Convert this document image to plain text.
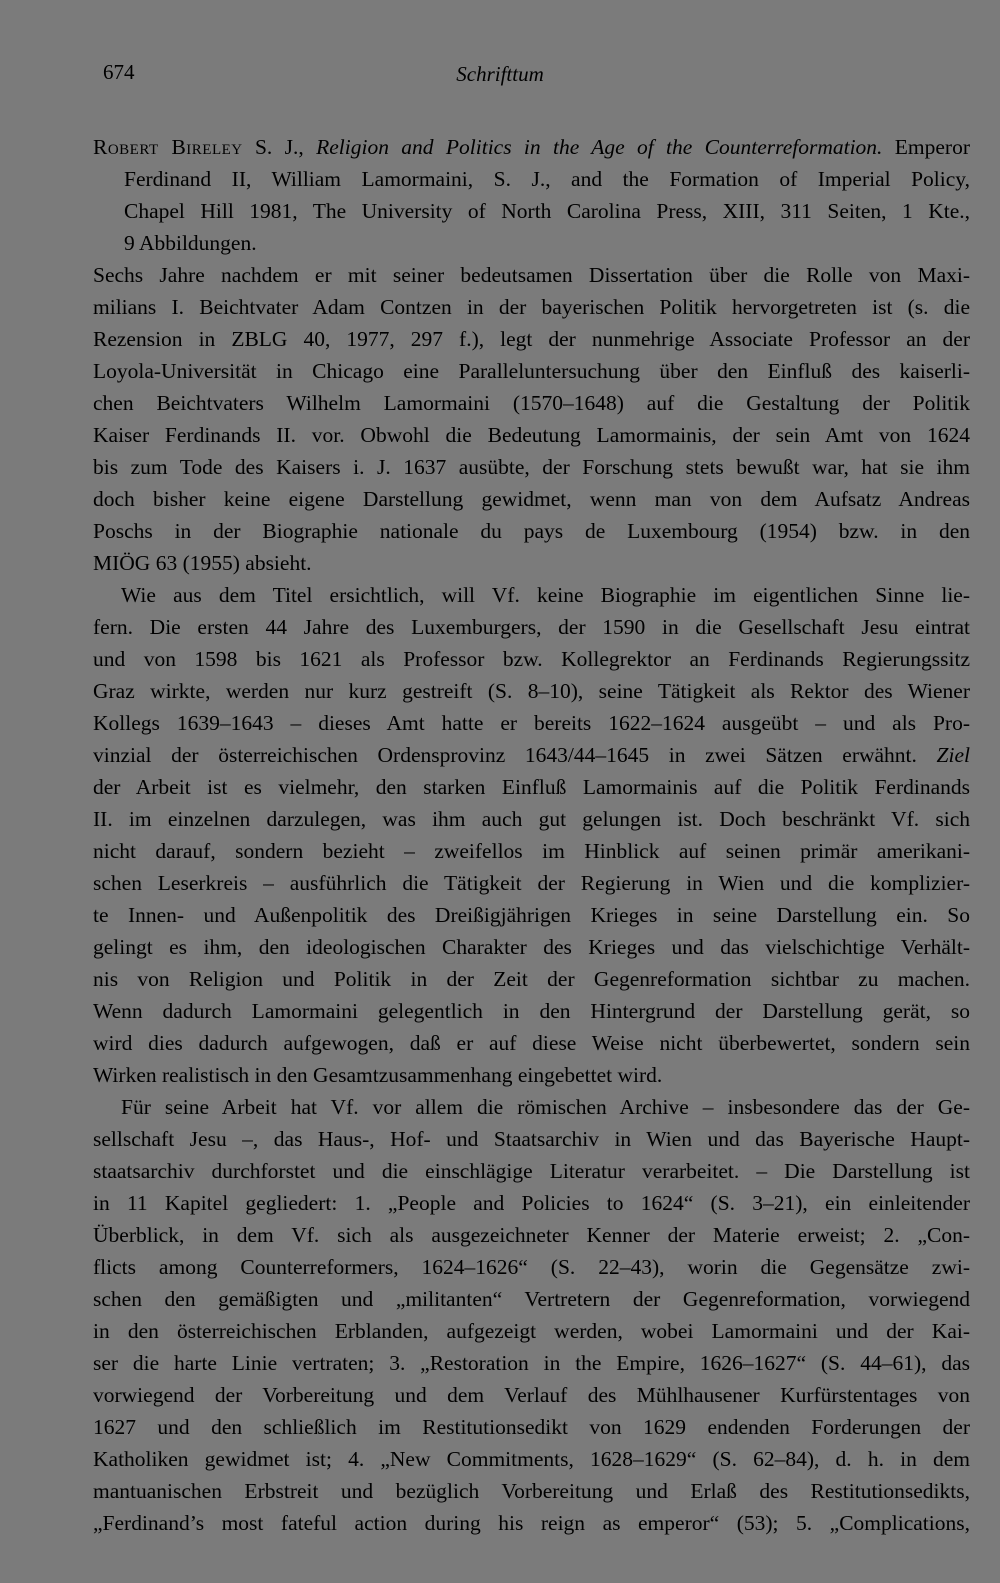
674	Schrifttum
Robert Bireley S. J., Religion and Politics in the Age of the Counterreformation. Emperor
Ferdinand II, William Lamormaini, S. J., and the Formation of Imperial Policy,
Chapel Hill 1981, The University of North Carolina Press, XIII, 311 Seiten, 1 Kte.,
9 Abbildungen.
Sechs Jahre nachdem er mit seiner bedeutsamen Dissertation über die Rolle von Maxi-
milians I. Beichtvater Adam Contzen in der bayerischen Politik hervorgetreten ist (s. die
Rezension in ZBLG 40, 1977, 297 f.), legt der nunmehrige Associate Professor an der
Loyola-Universität in Chicago eine Paralleluntersuchung über den Einfluß des kaiserli-
chen Beichtvaters Wilhelm Lamormaini (1570–1648) auf die Gestaltung der Politik
Kaiser Ferdinands II. vor. Obwohl die Bedeutung Lamormainis, der sein Amt von 1624
bis zum Tode des Kaisers i. J. 1637 ausübte, der Forschung stets bewußt war, hat sie ihm
doch bisher keine eigene Darstellung gewidmet, wenn man von dem Aufsatz Andreas
Poschs in der Biographie nationale du pays de Luxembourg (1954) bzw. in den
MIÖG 63 (1955) absieht.
Wie aus dem Titel ersichtlich, will Vf. keine Biographie im eigentlichen Sinne lie-
fern. Die ersten 44 Jahre des Luxemburgers, der 1590 in die Gesellschaft Jesu eintrat
und von 1598 bis 1621 als Professor bzw. Kollegrektor an Ferdinands Regierungssitz
Graz wirkte, werden nur kurz gestreift (S. 8–10), seine Tätigkeit als Rektor des Wiener
Kollegs 1639–1643 – dieses Amt hatte er bereits 1622–1624 ausgeübt – und als Pro-
vinzial der österreichischen Ordensprovinz 1643/44–1645 in zwei Sätzen erwähnt. Ziel
der Arbeit ist es vielmehr, den starken Einfluß Lamormainis auf die Politik Ferdinands
II. im einzelnen darzulegen, was ihm auch gut gelungen ist. Doch beschränkt Vf. sich
nicht darauf, sondern bezieht – zweifellos im Hinblick auf seinen primär amerikani-
schen Leserkreis – ausführlich die Tätigkeit der Regierung in Wien und die komplizier-
te Innen- und Außenpolitik des Dreißigjährigen Krieges in seine Darstellung ein. So
gelingt es ihm, den ideologischen Charakter des Krieges und das vielschichtige Verhält-
nis von Religion und Politik in der Zeit der Gegenreformation sichtbar zu machen.
Wenn dadurch Lamormaini gelegentlich in den Hintergrund der Darstellung gerät, so
wird dies dadurch aufgewogen, daß er auf diese Weise nicht überbewertet, sondern sein
Wirken realistisch in den Gesamtzusammenhang eingebettet wird.
Für seine Arbeit hat Vf. vor allem die römischen Archive – insbesondere das der Ge-
sellschaft Jesu –, das Haus-, Hof- und Staatsarchiv in Wien und das Bayerische Haupt-
staatsarchiv durchforstet und die einschlägige Literatur verarbeitet. – Die Darstellung ist
in 11 Kapitel gegliedert: 1. „People and Policies to 1624“ (S. 3–21), ein einleitender
Überblick, in dem Vf. sich als ausgezeichneter Kenner der Materie erweist; 2. „Con-
flicts among Counterreformers, 1624–1626“ (S. 22–43), worin die Gegensätze zwi-
schen den gemäßigten und „militanten“ Vertretern der Gegenreformation, vorwiegend
in den österreichischen Erblanden, aufgezeigt werden, wobei Lamormaini und der Kai-
ser die harte Linie vertraten; 3. „Restoration in the Empire, 1626–1627“ (S. 44–61), das
vorwiegend der Vorbereitung und dem Verlauf des Mühlhausener Kurfürstentages von
1627 und den schließlich im Restitutionsedikt von 1629 endenden Forderungen der
Katholiken gewidmet ist; 4. „New Commitments, 1628–1629“ (S. 62–84), d. h. in dem
mantuanischen Erbstreit und bezüglich Vorbereitung und Erlaß des Restitutionsedikts,
„Ferdinand’s most fateful action during his reign as emperor“ (53); 5. „Complications,
